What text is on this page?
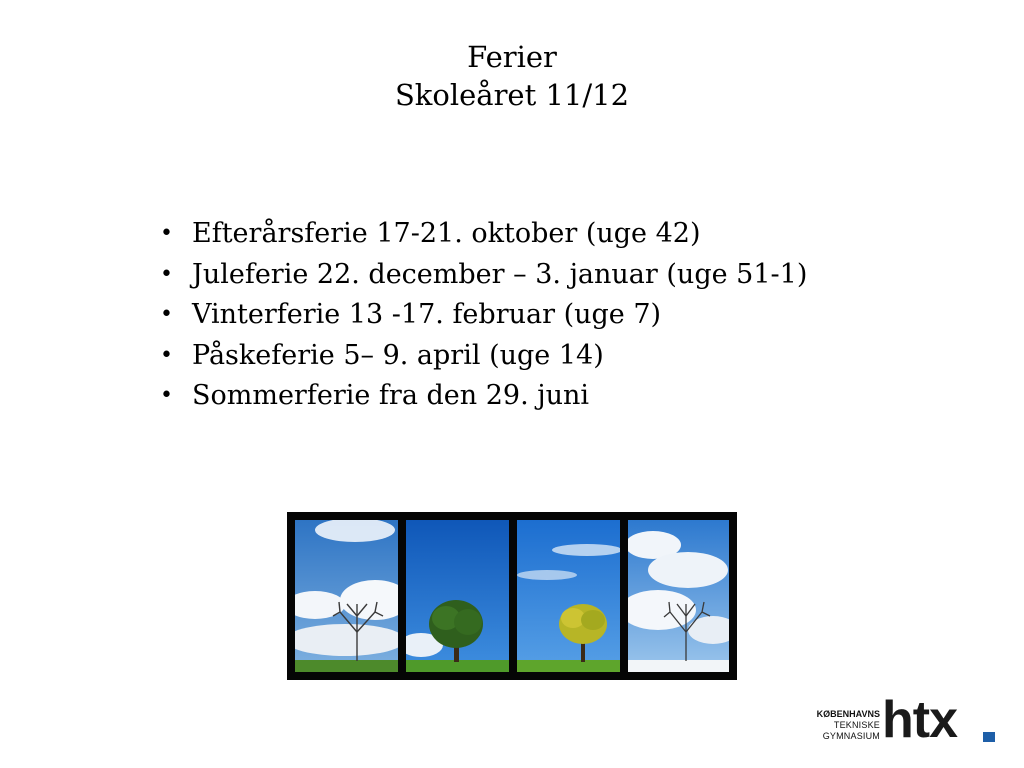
Ferier
Skoleåret 11/12
• Efterårsferie 17-21. oktober (uge 42)
• Juleferie 22. december – 3. januar (uge 51-1)
• Vinterferie 13 -17. februar (uge 7)
• Påskeferie 5– 9. april (uge 14)
• Sommerferie fra den 29. juni
KØBENHAVNS
TEKNISKE
GYMNASIUM htx
